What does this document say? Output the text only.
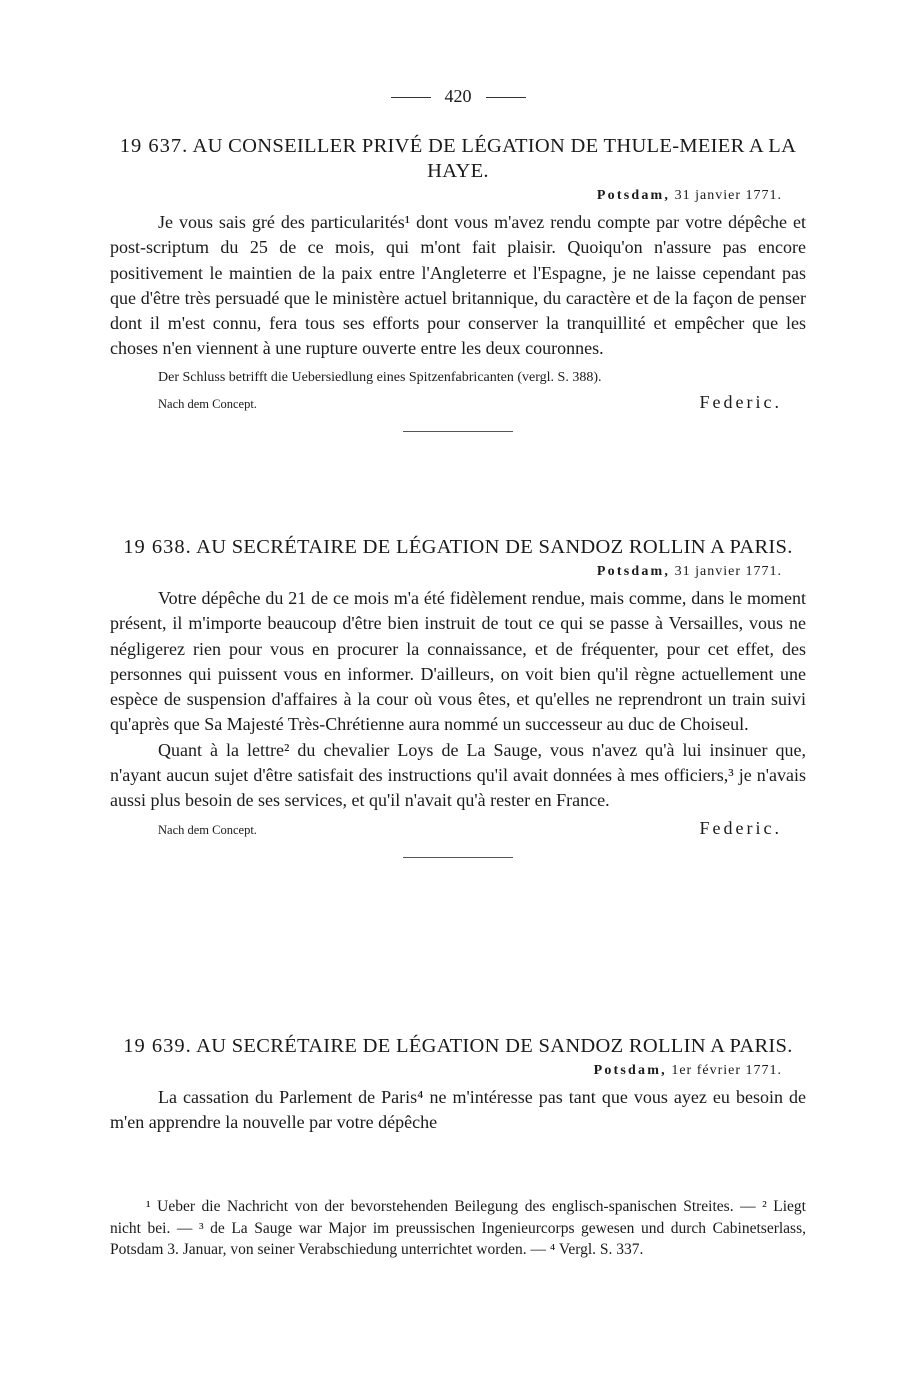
420
19 637. AU CONSEILLER PRIVÉ DE LÉGATION DE THULE-MEIER A LA HAYE.
Potsdam, 31 janvier 1771.

Je vous sais gré des particularités¹ dont vous m'avez rendu compte par votre dépêche et post-scriptum du 25 de ce mois, qui m'ont fait plaisir. Quoiqu'on n'assure pas encore positivement le maintien de la paix entre l'Angleterre et l'Espagne, je ne laisse cependant pas que d'être très persuadé que le ministère actuel britannique, du caractère et de la façon de penser dont il m'est connu, fera tous ses efforts pour conserver la tranquillité et empêcher que les choses n'en viennent à une rupture ouverte entre les deux couronnes.

Der Schluss betrifft die Uebersiedlung eines Spitzenfabricanten (vergl. S. 388).
Nach dem Concept.	Federic.
19 638. AU SECRÉTAIRE DE LÉGATION DE SANDOZ ROLLIN A PARIS.
Potsdam, 31 janvier 1771.

Votre dépêche du 21 de ce mois m'a été fidèlement rendue, mais comme, dans le moment présent, il m'importe beaucoup d'être bien instruit de tout ce qui se passe à Versailles, vous ne négligerez rien pour vous en procurer la connaissance, et de fréquenter, pour cet effet, des personnes qui puissent vous en informer. D'ailleurs, on voit bien qu'il règne actuellement une espèce de suspension d'affaires à la cour où vous êtes, et qu'elles ne reprendront un train suivi qu'après que Sa Majesté Très-Chrétienne aura nommé un successeur au duc de Choiseul.

Quant à la lettre² du chevalier Loys de La Sauge, vous n'avez qu'à lui insinuer que, n'ayant aucun sujet d'être satisfait des instructions qu'il avait données à mes officiers,³ je n'avais aussi plus besoin de ses services, et qu'il n'avait qu'à rester en France.

Nach dem Concept.	Federic.
19 639. AU SECRÉTAIRE DE LÉGATION DE SANDOZ ROLLIN A PARIS.
Potsdam, 1er février 1771.

La cassation du Parlement de Paris⁴ ne m'intéresse pas tant que vous ayez eu besoin de m'en apprendre la nouvelle par votre dépêche

¹ Ueber die Nachricht von der bevorstehenden Beilegung des englisch-spanischen Streites. — ² Liegt nicht bei. — ³ de La Sauge war Major im preussischen Ingenieurcorps gewesen und durch Cabinetserlass, Potsdam 3. Januar, von seiner Verabschiedung unterrichtet worden. — ⁴ Vergl. S. 337.
